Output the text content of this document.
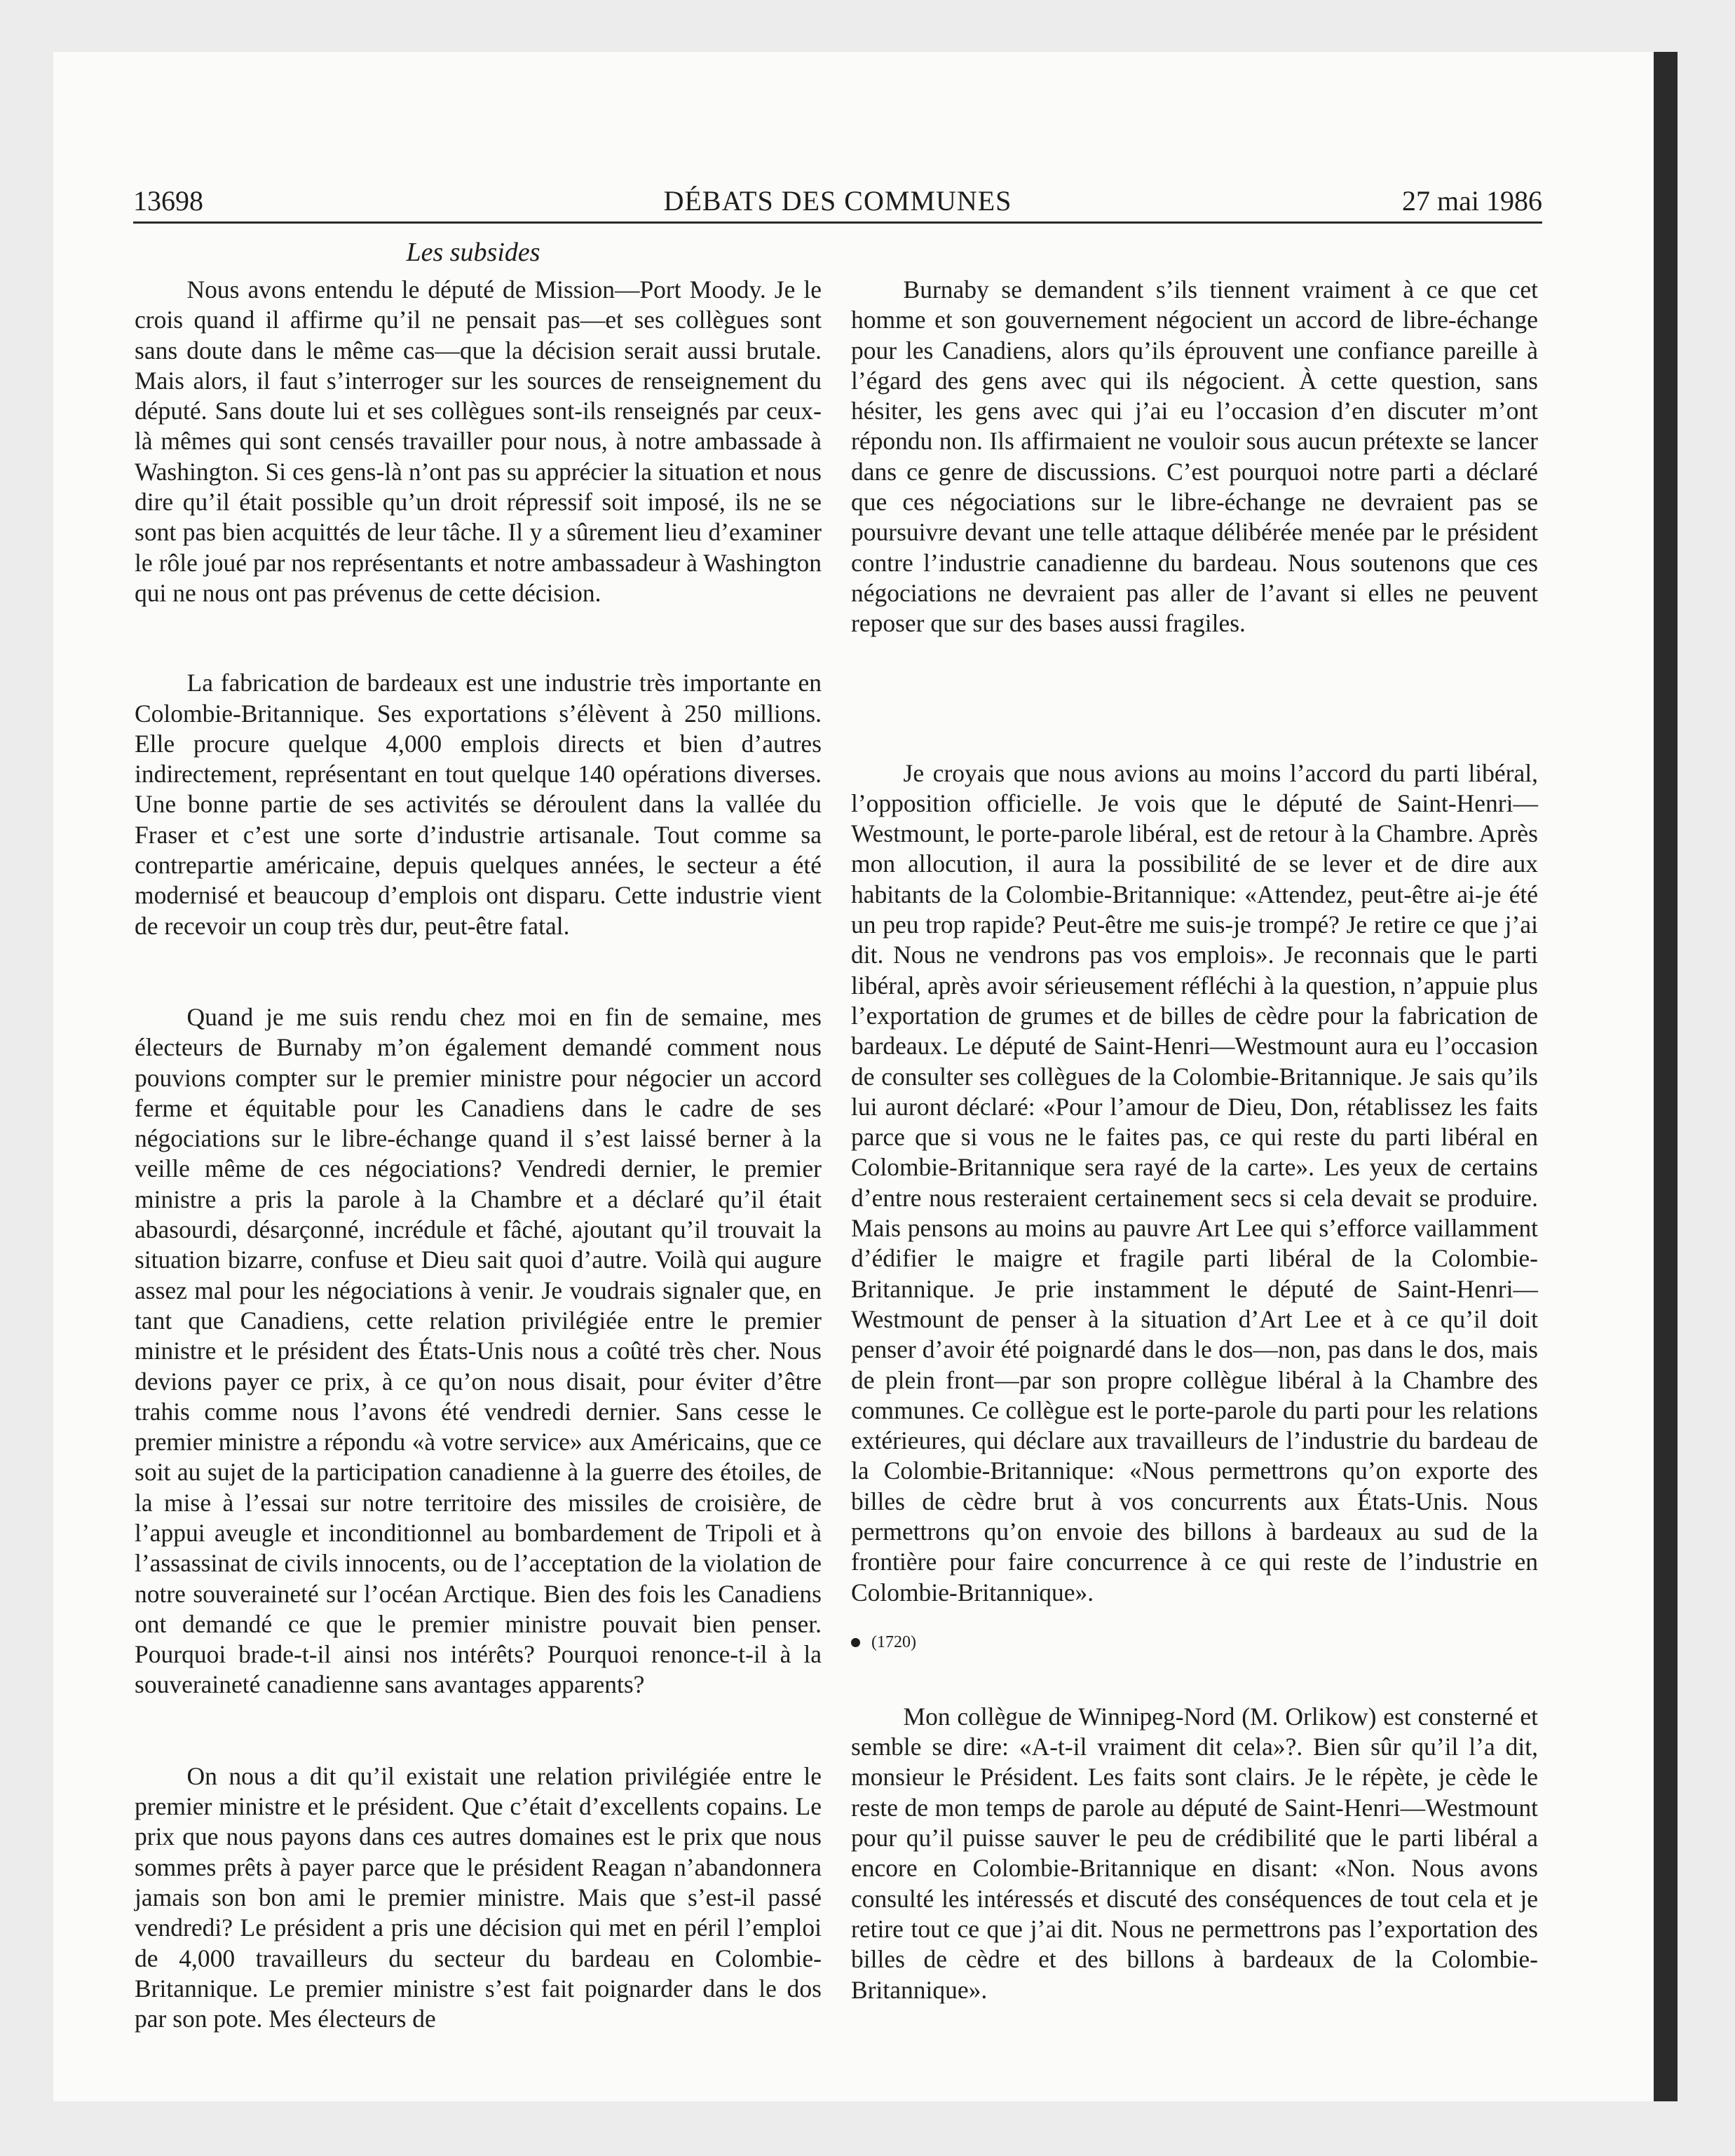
13698	DÉBATS DES COMMUNES	27 mai 1986
Les subsides

Nous avons entendu le député de Mission—Port Moody. Je le crois quand il affirme qu’il ne pensait pas—et ses collègues sont sans doute dans le même cas—que la décision serait aussi brutale. Mais alors, il faut s’interroger sur les sources de renseignement du député. Sans doute lui et ses collègues sont-ils renseignés par ceux-là mêmes qui sont censés travailler pour nous, à notre ambassade à Washington. Si ces gens-là n’ont pas su apprécier la situation et nous dire qu’il était possible qu’un droit répressif soit imposé, ils ne se sont pas bien acquittés de leur tâche. Il y a sûrement lieu d’examiner le rôle joué par nos représentants et notre ambassadeur à Washington qui ne nous ont pas prévenus de cette décision.

La fabrication de bardeaux est une industrie très importante en Colombie-Britannique. Ses exportations s’élèvent à 250 millions. Elle procure quelque 4,000 emplois directs et bien d’autres indirectement, représentant en tout quelque 140 opérations diverses. Une bonne partie de ses activités se déroulent dans la vallée du Fraser et c’est une sorte d’industrie artisanale. Tout comme sa contrepartie américaine, depuis quelques années, le secteur a été modernisé et beaucoup d’emplois ont disparu. Cette industrie vient de recevoir un coup très dur, peut-être fatal.

Quand je me suis rendu chez moi en fin de semaine, mes électeurs de Burnaby m’on également demandé comment nous pouvions compter sur le premier ministre pour négocier un accord ferme et équitable pour les Canadiens dans le cadre de ses négociations sur le libre-échange quand il s’est laissé berner à la veille même de ces négociations? Vendredi dernier, le premier ministre a pris la parole à la Chambre et a déclaré qu’il était abasourdi, désarçonné, incrédule et fâché, ajoutant qu’il trouvait la situation bizarre, confuse et Dieu sait quoi d’autre. Voilà qui augure assez mal pour les négociations à venir. Je voudrais signaler que, en tant que Canadiens, cette relation privilégiée entre le premier ministre et le président des États-Unis nous a coûté très cher. Nous devions payer ce prix, à ce qu’on nous disait, pour éviter d’être trahis comme nous l’avons été vendredi dernier. Sans cesse le premier ministre a répondu «à votre service» aux Américains, que ce soit au sujet de la participation canadienne à la guerre des étoiles, de la mise à l’essai sur notre territoire des missiles de croisière, de l’appui aveugle et inconditionnel au bombardement de Tripoli et à l’assassinat de civils innocents, ou de l’acceptation de la violation de notre souveraineté sur l’océan Arctique. Bien des fois les Canadiens ont demandé ce que le premier ministre pouvait bien penser. Pourquoi brade-t-il ainsi nos intérêts? Pourquoi renonce-t-il à la souveraineté canadienne sans avantages apparents?

On nous a dit qu’il existait une relation privilégiée entre le premier ministre et le président. Que c’était d’excellents copains. Le prix que nous payons dans ces autres domaines est le prix que nous sommes prêts à payer parce que le président Reagan n’abandonnera jamais son bon ami le premier ministre. Mais que s’est-il passé vendredi? Le président a pris une décision qui met en péril l’emploi de 4,000 travailleurs du secteur du bardeau en Colombie-Britannique. Le premier ministre s’est fait poignarder dans le dos par son pote. Mes électeurs de

Burnaby se demandent s’ils tiennent vraiment à ce que cet homme et son gouvernement négocient un accord de libre-échange pour les Canadiens, alors qu’ils éprouvent une confiance pareille à l’égard des gens avec qui ils négocient. À cette question, sans hésiter, les gens avec qui j’ai eu l’occasion d’en discuter m’ont répondu non. Ils affirmaient ne vouloir sous aucun prétexte se lancer dans ce genre de discussions. C’est pourquoi notre parti a déclaré que ces négociations sur le libre-échange ne devraient pas se poursuivre devant une telle attaque délibérée menée par le président contre l’industrie canadienne du bardeau. Nous soutenons que ces négociations ne devraient pas aller de l’avant si elles ne peuvent reposer que sur des bases aussi fragiles.

Je croyais que nous avions au moins l’accord du parti libéral, l’opposition officielle. Je vois que le député de Saint-Henri—Westmount, le porte-parole libéral, est de retour à la Chambre. Après mon allocution, il aura la possibilité de se lever et de dire aux habitants de la Colombie-Britannique: «Attendez, peut-être ai-je été un peu trop rapide? Peut-être me suis-je trompé? Je retire ce que j’ai dit. Nous ne vendrons pas vos emplois». Je reconnais que le parti libéral, après avoir sérieusement réfléchi à la question, n’appuie plus l’exportation de grumes et de billes de cèdre pour la fabrication de bardeaux. Le député de Saint-Henri—Westmount aura eu l’occasion de consulter ses collègues de la Colombie-Britannique. Je sais qu’ils lui auront déclaré: «Pour l’amour de Dieu, Don, rétablissez les faits parce que si vous ne le faites pas, ce qui reste du parti libéral en Colombie-Britannique sera rayé de la carte». Les yeux de certains d’entre nous resteraient certainement secs si cela devait se produire. Mais pensons au moins au pauvre Art Lee qui s’efforce vaillamment d’édifier le maigre et fragile parti libéral de la Colombie-Britannique. Je prie instamment le député de Saint-Henri—Westmount de penser à la situation d’Art Lee et à ce qu’il doit penser d’avoir été poignardé dans le dos—non, pas dans le dos, mais de plein front—par son propre collègue libéral à la Chambre des communes. Ce collègue est le porte-parole du parti pour les relations extérieures, qui déclare aux travailleurs de l’industrie du bardeau de la Colombie-Britannique: «Nous permettrons qu’on exporte des billes de cèdre brut à vos concurrents aux États-Unis. Nous permettrons qu’on envoie des billons à bardeaux au sud de la frontière pour faire concurrence à ce qui reste de l’industrie en Colombie-Britannique».

(1720)

Mon collègue de Winnipeg-Nord (M. Orlikow) est consterné et semble se dire: «A-t-il vraiment dit cela»?. Bien sûr qu’il l’a dit, monsieur le Président. Les faits sont clairs. Je le répète, je cède le reste de mon temps de parole au député de Saint-Henri—Westmount pour qu’il puisse sauver le peu de crédibilité que le parti libéral a encore en Colombie-Britannique en disant: «Non. Nous avons consulté les intéressés et discuté des conséquences de tout cela et je retire tout ce que j’ai dit. Nous ne permettrons pas l’exportation des billes de cèdre et des billons à bardeaux de la Colombie-Britannique».
